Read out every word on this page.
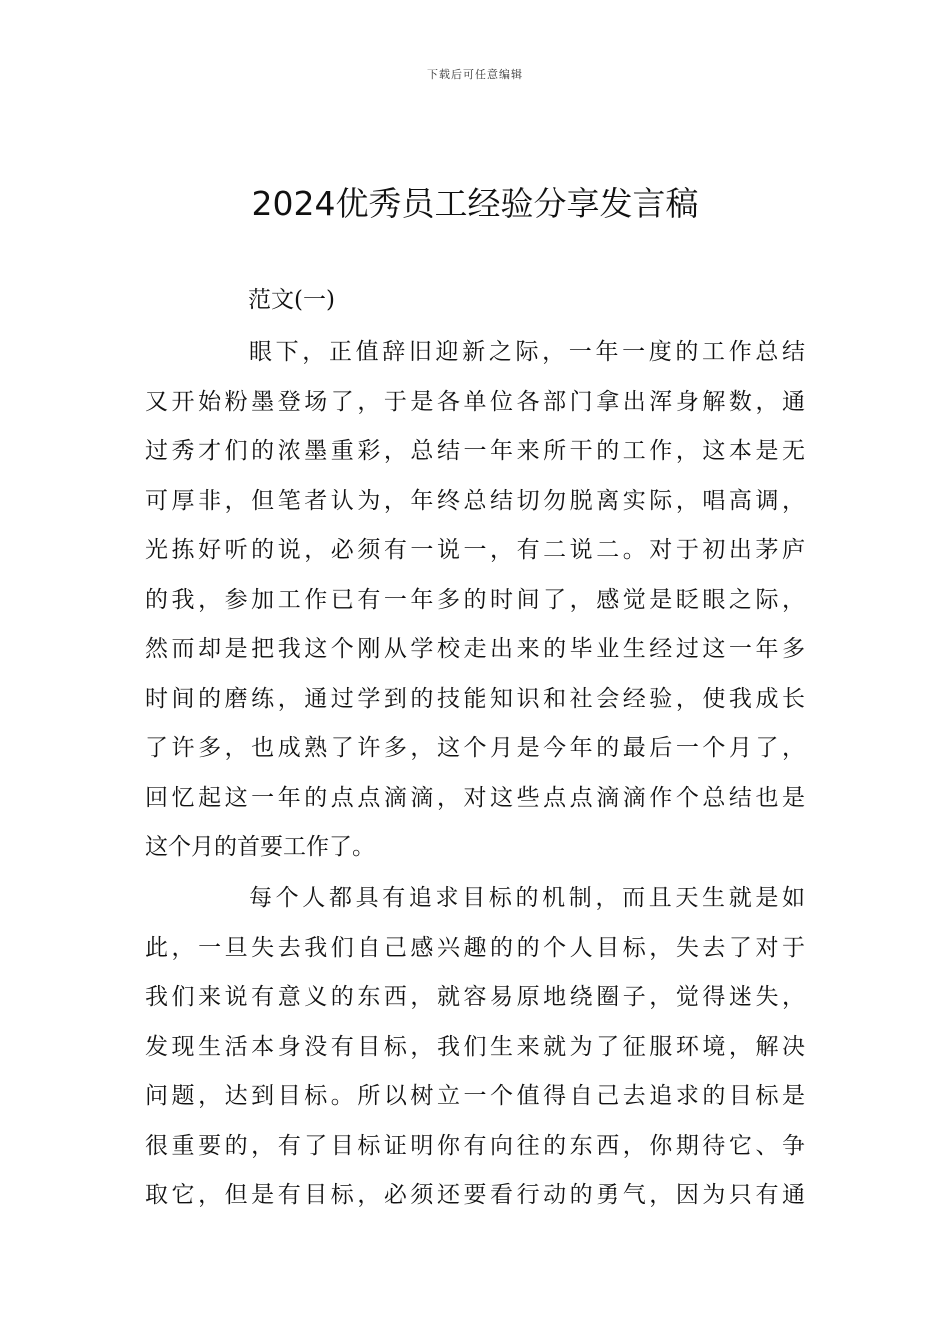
下载后可任意编辑
2024优秀员工经验分享发言稿
范文(一)
眼下，正值辞旧迎新之际，一年一度的工作总结
又开始粉墨登场了，于是各单位各部门拿出浑身解数，通
过秀才们的浓墨重彩，总结一年来所干的工作，这本是无
可厚非，但笔者认为，年终总结切勿脱离实际，唱高调，
光拣好听的说，必须有一说一，有二说二。对于初出茅庐
的我，参加工作已有一年多的时间了，感觉是眨眼之际，
然而却是把我这个刚从学校走出来的毕业生经过这一年多
时间的磨练，通过学到的技能知识和社会经验，使我成长
了许多，也成熟了许多，这个月是今年的最后一个月了，
回忆起这一年的点点滴滴，对这些点点滴滴作个总结也是
这个月的首要工作了。
每个人都具有追求目标的机制，而且天生就是如
此，一旦失去我们自己感兴趣的的个人目标，失去了对于
我们来说有意义的东西，就容易原地绕圈子，觉得迷失，
发现生活本身没有目标，我们生来就为了征服环境，解决
问题，达到目标。所以树立一个值得自己去追求的目标是
很重要的，有了目标证明你有向往的东西，你期待它、争
取它，但是有目标，必须还要看行动的勇气，因为只有通
